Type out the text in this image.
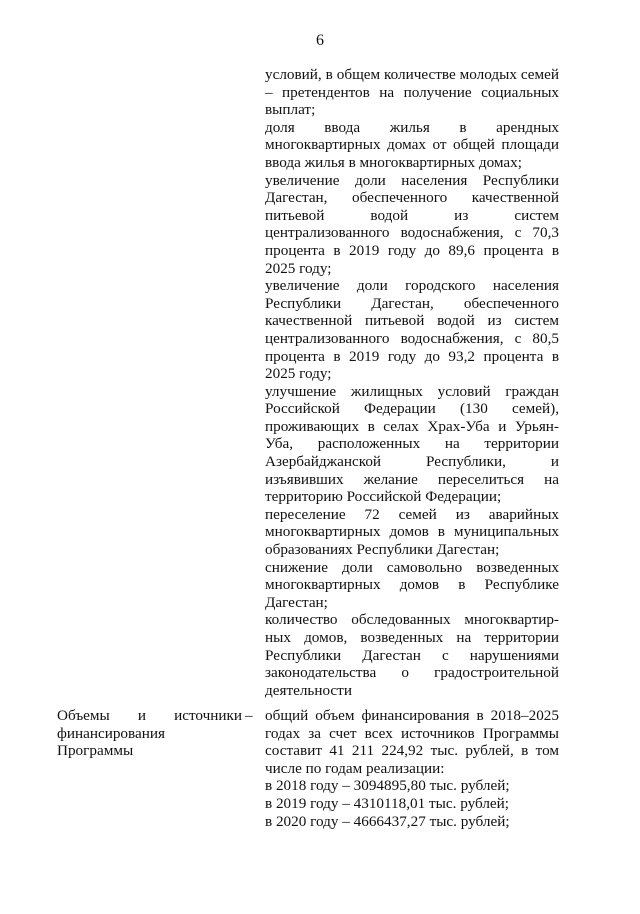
6

условий, в общем количестве молодых семей – претендентов на получение социальных выплат;

доля ввода жилья в арендных многоквартирных домах от общей площади ввода жилья в многоквартирных домах;

увеличение доли населения Республики Дагестан, обеспеченного качественной питьевой водой из систем централизованного водоснабжения, с 70,3 процента в 2019 году до 89,6 процента в 2025 году;

увеличение доли городского населения Республики Дагестан, обеспеченного качественной питьевой водой из систем централизованного водоснабжения, с 80,5 процента в 2019 году до 93,2 процента в 2025 году;

улучшение жилищных условий граждан Российской Федерации (130 семей), проживающих в селах Храх-Уба и Урьян-Уба, расположенных на территории Азербайджанской Республики, и изъявивших желание переселиться на территорию Российской Федерации;

переселение 72 семей из аварийных многоквартирных домов в муниципальных образованиях Республики Дагестан;

снижение доли самовольно возведенных многоквартирных домов в Республике Дагестан;

количество обследованных многоквартир-ных домов, возведенных на территории Республики Дагестан с нарушениями законодательства о градостроительной деятельности

Объемы и источники
финансирования
Программы
– общий объем финансирования в 2018–2025 годах за счет всех источников Программы составит 41 211 224,92 тыс. рублей, в том числе по годам реализации:

в 2018 году – 3094895,80 тыс. рублей;

в 2019 году – 4310118,01 тыс. рублей;

в 2020 году – 4666437,27 тыс. рублей;
